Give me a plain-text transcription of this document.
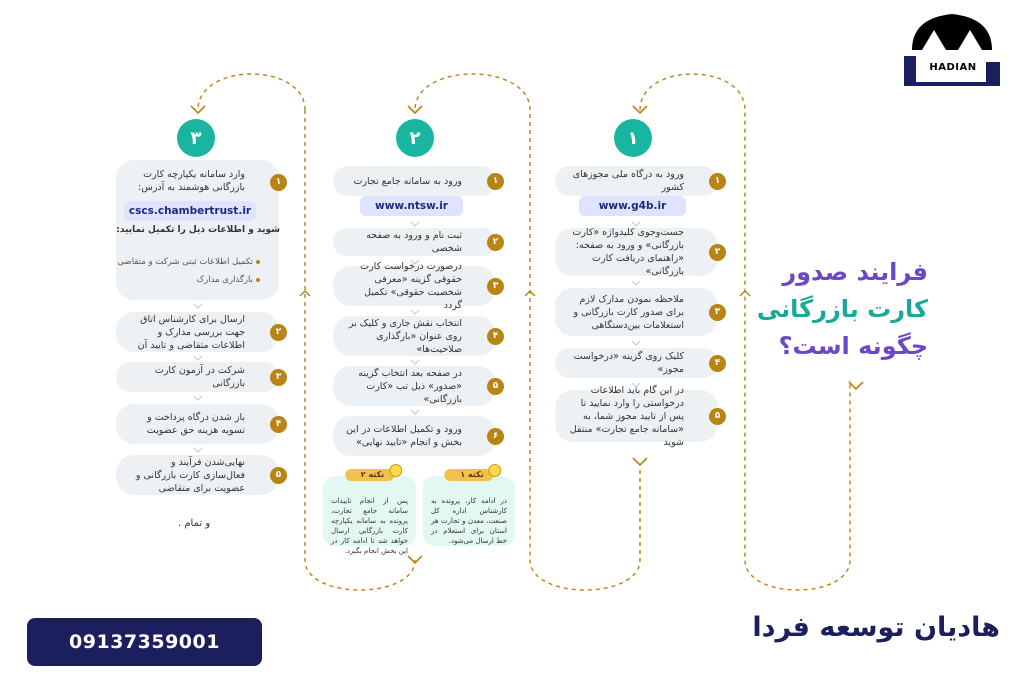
HADIAN
فرایند صدور
کارت بازرگانی
چگونه است؟
۱
ورود به درگاه ملی مجوزهای کشور
۱
www.g4b.ir
جست‌وجوی کلیدواژه «کارت بازرگانی» و ورود به صفحه: «راهنمای دریافت کارت بازرگانی»
۲
ملاحظه نمودن مدارک لازم برای صدور کارت بازرگانی و استعلامات بین‌دستگاهی
۳
کلیک روی گزینه «درخواست مجوز»
۴
در این گام باید اطلاعات درخواستی را وارد نمایید تا پس از تایید مجوز شما، به «سامانه جامع تجارت» منتقل شوید
۵
۲
ورود به سامانه جامع تجارت	۱
www.ntsw.ir
ثبت نام و ورود به صفحه شخصی
۲
درصورت درخواست کارت حقوقی گزینه «معرفی شخصیت حقوقی» تکمیل گردد
۳
انتخاب نقش جاری و کلیک بر روی عنوان «بارگذاری صلاحیت‌ها»
۴
در صفحه بعد انتخاب گزینه «صدور» ذیل تب «کارت بازرگانی»
۵
ورود و تکمیل اطلاعات در این بخش و انجام «تایید نهایی»
۶
نکته ۱
در ادامه کار، پرونده به کارشناس اداره کل صنعت، معدن و تجارت هر استان برای استعلام در خط ارسال می‌شود.
نکته ۲
پس از انجام تاییدات سامانه جامع تجارت، پرونده به سامانه یکپارچه کارت بازرگانی ارسال خواهد شد تا ادامه کار در این بخش انجام بگیرد.
۳
وارد سامانه یکپارچه کارت بازرگانی هوشمند به آدرس:
۱
cscs.chambertrust.ir
شوید و اطلاعات ذیل را تکمیل نمایید:
تکمیل اطلاعات ثبتی شرکت و متقاضی
بارگذاری مدارک
ارسال برای کارشناس اتاق جهت بررسی مدارک و اطلاعات متقاضی و تایید آن
۲
شرکت در آزمون کارت بازرگانی
۳
باز شدن درگاه پرداخت و تسویه هزینه حق عضویت
۴
نهایی‌شدن فرآیند و فعال‌سازی کارت بازرگانی و عضویت برای متقاضی
۵
و تمام .
09137359001	هادیان توسعه فردا
